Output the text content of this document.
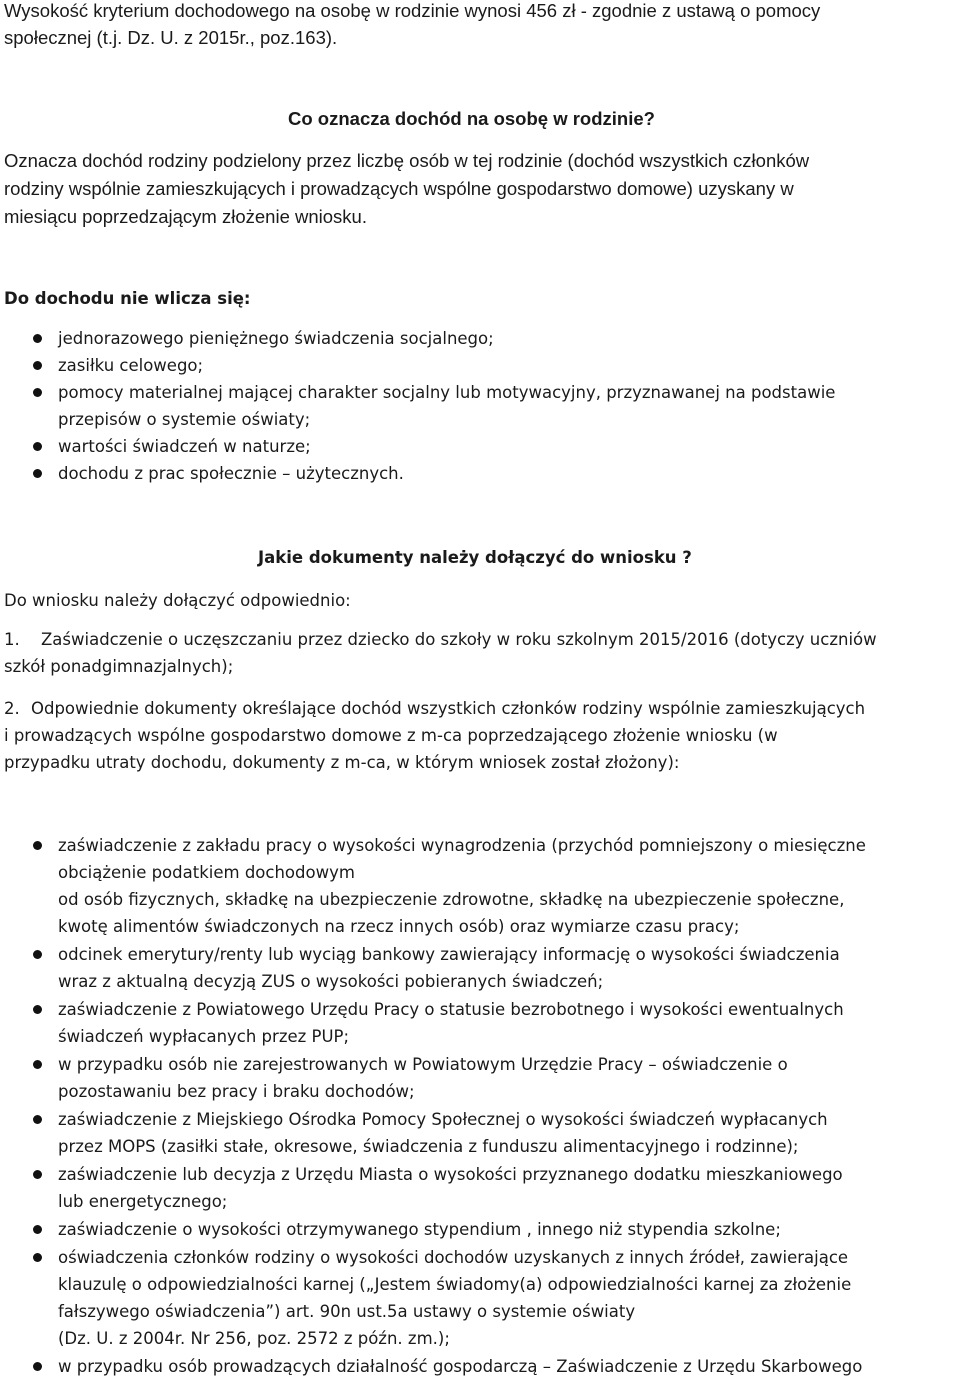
Wysokość kryterium dochodowego na osobę w rodzinie wynosi 456 zł - zgodnie z ustawą o pomocy
społecznej (t.j. Dz. U. z 2015r., poz.163).
Co oznacza dochód na osobę w rodzinie?
Oznacza dochód rodziny podzielony przez liczbę osób w tej rodzinie (dochód wszystkich członków
rodziny wspólnie zamieszkujących i prowadzących wspólne gospodarstwo domowe) uzyskany w
miesiącu poprzedzającym złożenie wniosku.
Do dochodu nie wlicza się:
jednorazowego pieniężnego świadczenia socjalnego;
zasiłku celowego;
pomocy materialnej mającej charakter socjalny lub motywacyjny, przyznawanej na podstawie
przepisów o systemie oświaty;
wartości świadczeń w naturze;
dochodu z prac społecznie – użytecznych.
Jakie dokumenty należy dołączyć do wniosku ?
Do wniosku należy dołączyć odpowiednio:
1. Zaświadczenie o uczęszczaniu przez dziecko do szkoły w roku szkolnym 2015/2016 (dotyczy uczniów
szkół ponadgimnazjalnych);
2. Odpowiednie dokumenty określające dochód wszystkich członków rodziny wspólnie zamieszkujących
i prowadzących wspólne gospodarstwo domowe z m-ca poprzedzającego złożenie wniosku (w
przypadku utraty dochodu, dokumenty z m-ca, w którym wniosek został złożony):
zaświadczenie z zakładu pracy o wysokości wynagrodzenia (przychód pomniejszony o miesięczne
obciążenie podatkiem dochodowym
od osób fizycznych, składkę na ubezpieczenie zdrowotne, składkę na ubezpieczenie społeczne,
kwotę alimentów świadczonych na rzecz innych osób) oraz wymiarze czasu pracy;
odcinek emerytury/renty lub wyciąg bankowy zawierający informację o wysokości świadczenia
wraz z aktualną decyzją ZUS o wysokości pobieranych świadczeń;
zaświadczenie z Powiatowego Urzędu Pracy o statusie bezrobotnego i wysokości ewentualnych
świadczeń wypłacanych przez PUP;
w przypadku osób nie zarejestrowanych w Powiatowym Urzędzie Pracy – oświadczenie o
pozostawaniu bez pracy i braku dochodów;
zaświadczenie z Miejskiego Ośrodka Pomocy Społecznej o wysokości świadczeń wypłacanych
przez MOPS (zasiłki stałe, okresowe, świadczenia z funduszu alimentacyjnego i rodzinne);
zaświadczenie lub decyzja z Urzędu Miasta o wysokości przyznanego dodatku mieszkaniowego
lub energetycznego;
zaświadczenie o wysokości otrzymywanego stypendium , innego niż stypendia szkolne;
oświadczenia członków rodziny o wysokości dochodów uzyskanych z innych źródeł, zawierające
klauzulę o odpowiedzialności karnej („Jestem świadomy(a) odpowiedzialności karnej za złożenie
fałszywego oświadczenia”) art. 90n ust.5a ustawy o systemie oświaty
(Dz. U. z 2004r. Nr 256, poz. 2572 z późn. zm.);
w przypadku osób prowadzących działalność gospodarczą – Zaświadczenie z Urzędu Skarbowego
